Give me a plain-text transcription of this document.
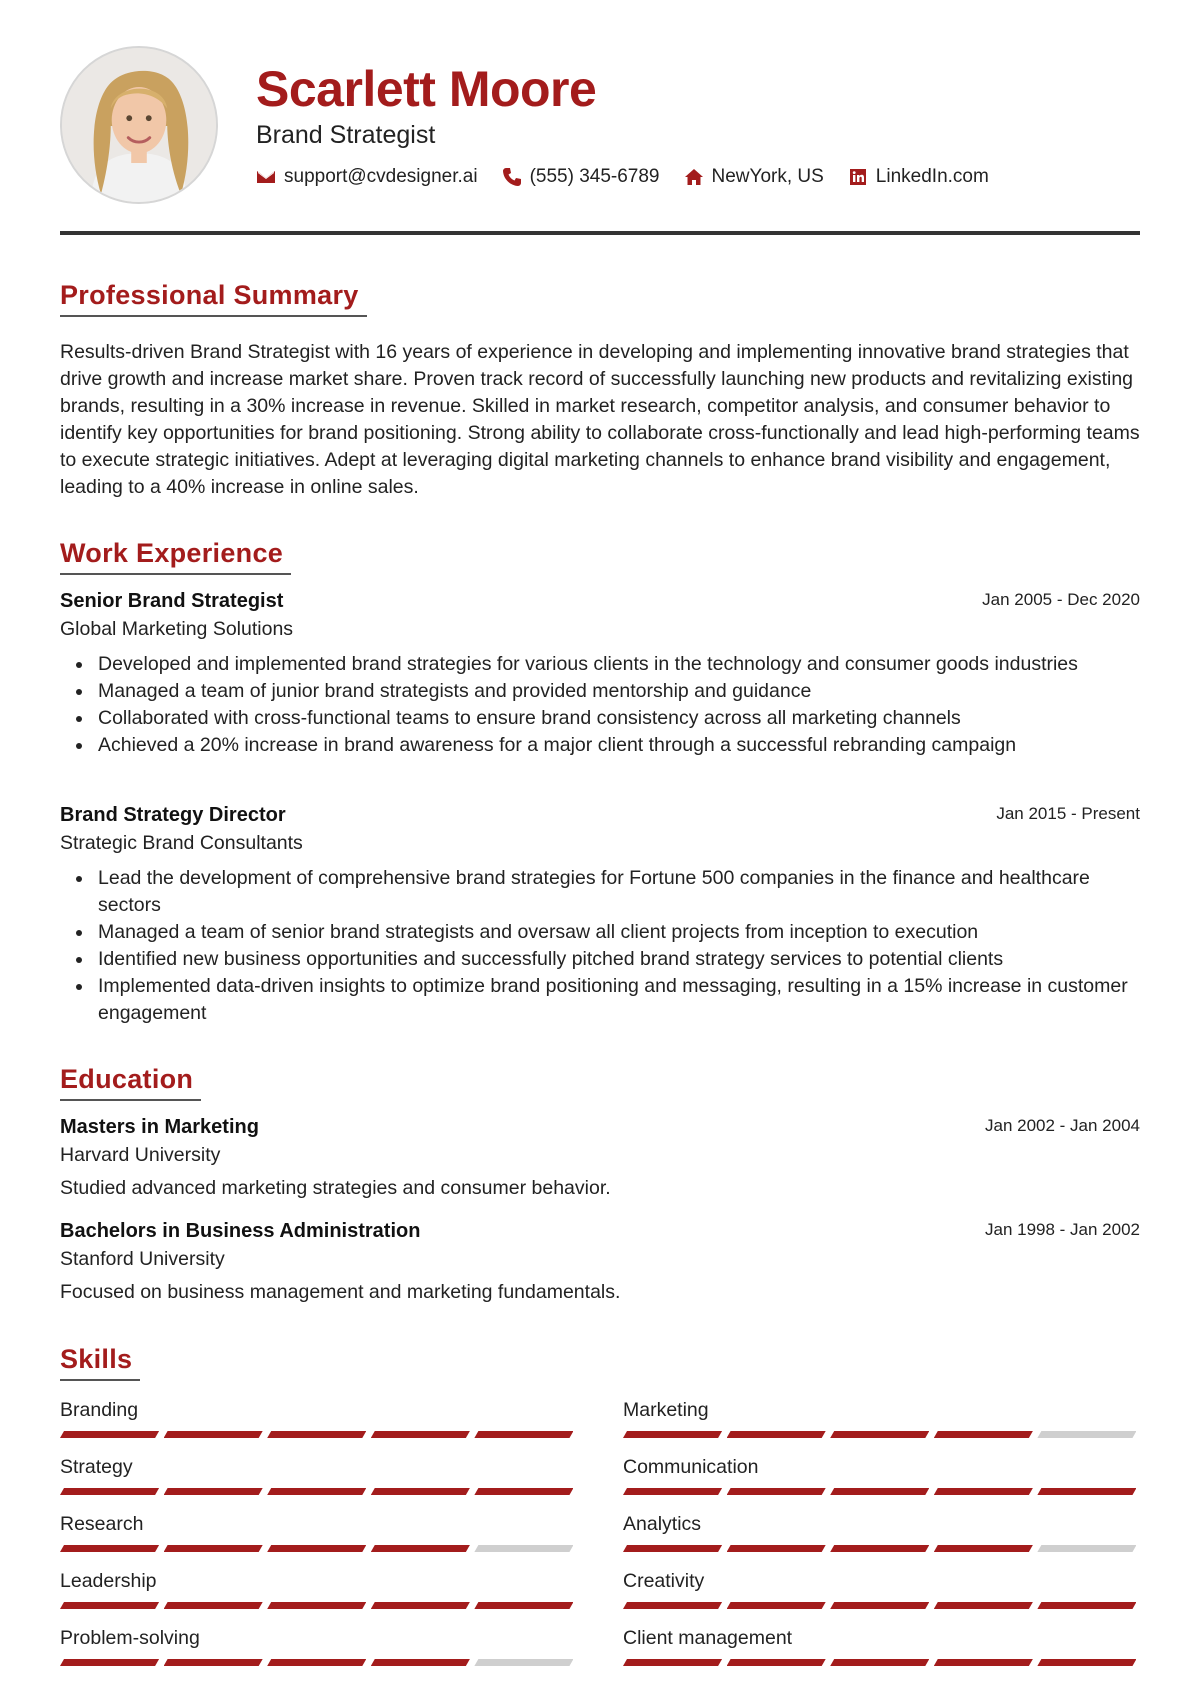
Scarlett Moore
Brand Strategist
support@cvdesigner.ai	(555) 345-6789	NewYork, US	LinkedIn.com
Professional Summary
Results-driven Brand Strategist with 16 years of experience in developing and implementing innovative brand strategies that drive growth and increase market share. Proven track record of successfully launching new products and revitalizing existing brands, resulting in a 30% increase in revenue. Skilled in market research, competitor analysis, and consumer behavior to identify key opportunities for brand positioning. Strong ability to collaborate cross-functionally and lead high-performing teams to execute strategic initiatives. Adept at leveraging digital marketing channels to enhance brand visibility and engagement, leading to a 40% increase in online sales.
Work Experience
Senior Brand Strategist	Jan 2005 - Dec 2020
Global Marketing Solutions
Developed and implemented brand strategies for various clients in the technology and consumer goods industries
Managed a team of junior brand strategists and provided mentorship and guidance
Collaborated with cross-functional teams to ensure brand consistency across all marketing channels
Achieved a 20% increase in brand awareness for a major client through a successful rebranding campaign
Brand Strategy Director	Jan 2015 - Present
Strategic Brand Consultants
Lead the development of comprehensive brand strategies for Fortune 500 companies in the finance and healthcare sectors
Managed a team of senior brand strategists and oversaw all client projects from inception to execution
Identified new business opportunities and successfully pitched brand strategy services to potential clients
Implemented data-driven insights to optimize brand positioning and messaging, resulting in a 15% increase in customer engagement
Education
Masters in Marketing	Jan 2002 - Jan 2004
Harvard University
Studied advanced marketing strategies and consumer behavior.
Bachelors in Business Administration	Jan 1998 - Jan 2002
Stanford University
Focused on business management and marketing fundamentals.
Skills
Branding	Marketing
Strategy	Communication
Research	Analytics
Leadership	Creativity
Problem-solving	Client management
